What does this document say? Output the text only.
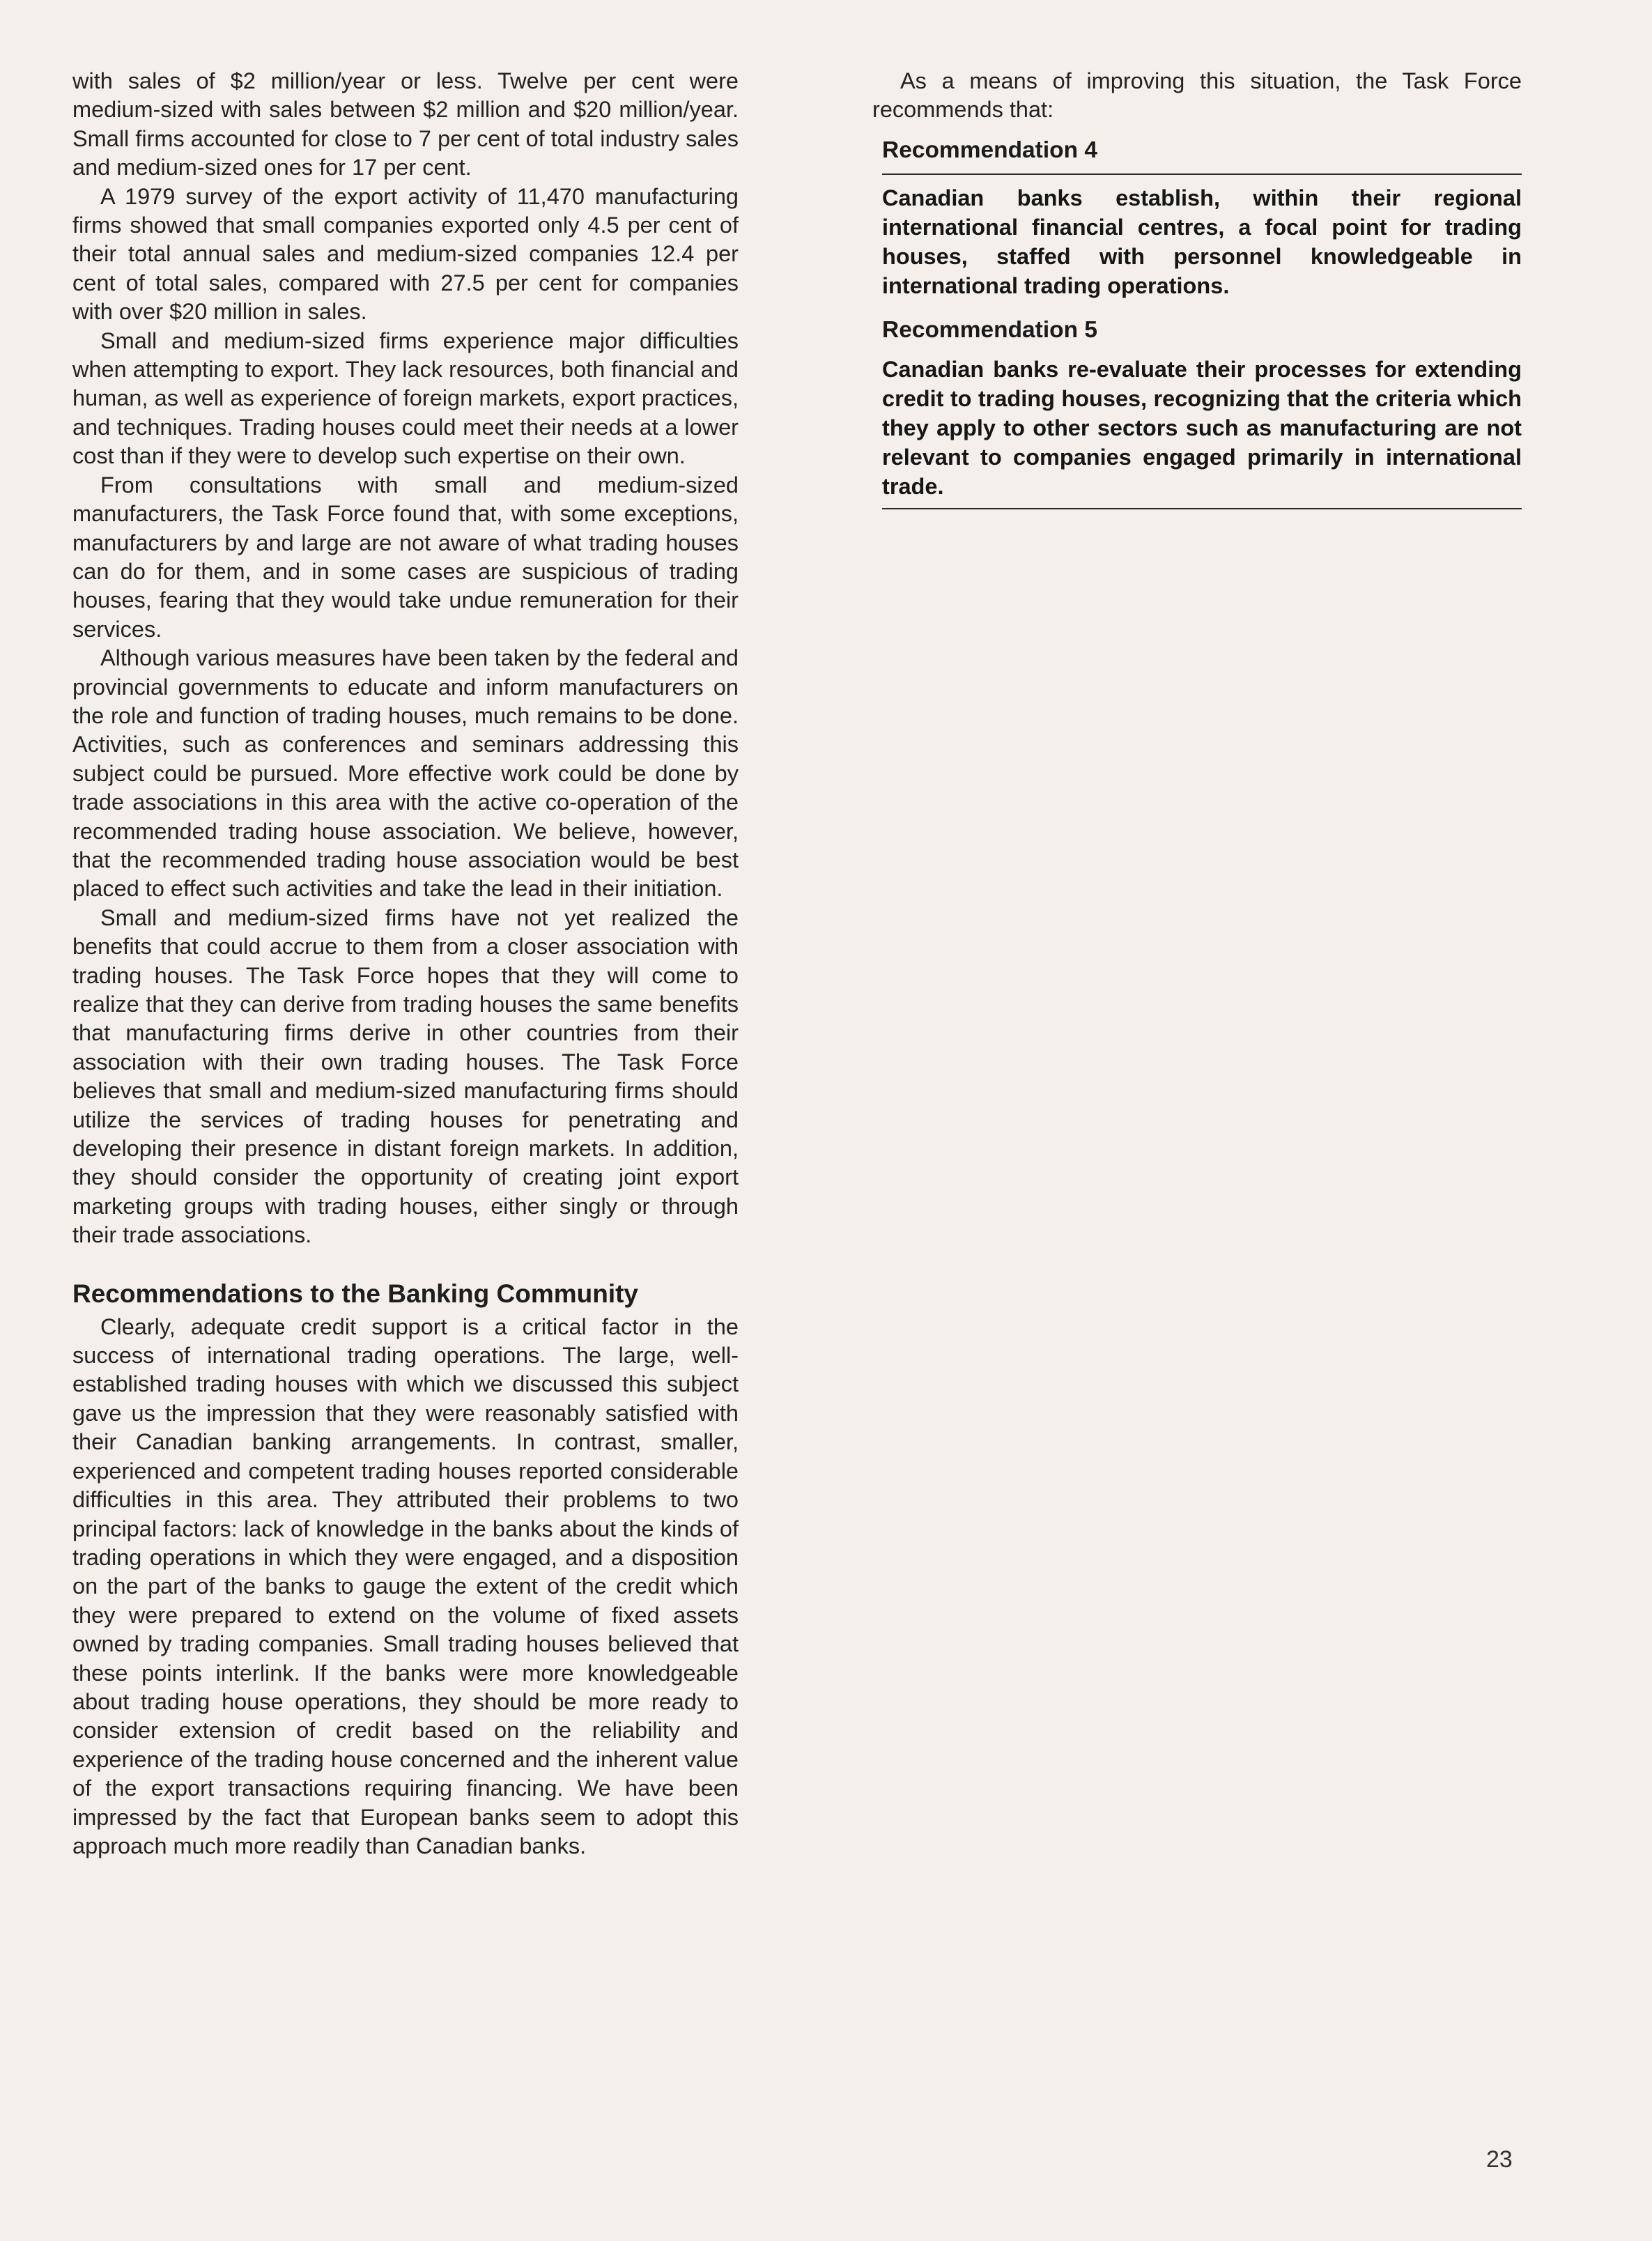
with sales of $2 million/year or less. Twelve per cent were medium-sized with sales between $2 million and $20 million/year. Small firms accounted for close to 7 per cent of total industry sales and medium-sized ones for 17 per cent.

A 1979 survey of the export activity of 11,470 manufacturing firms showed that small companies exported only 4.5 per cent of their total annual sales and medium-sized companies 12.4 per cent of total sales, compared with 27.5 per cent for companies with over $20 million in sales.

Small and medium-sized firms experience major difficulties when attempting to export. They lack resources, both financial and human, as well as experience of foreign markets, export practices, and techniques. Trading houses could meet their needs at a lower cost than if they were to develop such expertise on their own.

From consultations with small and medium-sized manufacturers, the Task Force found that, with some exceptions, manufacturers by and large are not aware of what trading houses can do for them, and in some cases are suspicious of trading houses, fearing that they would take undue remuneration for their services.

Although various measures have been taken by the federal and provincial governments to educate and inform manufacturers on the role and function of trading houses, much remains to be done. Activities, such as conferences and seminars addressing this subject could be pursued. More effective work could be done by trade associations in this area with the active co-operation of the recommended trading house association. We believe, however, that the recommended trading house association would be best placed to effect such activities and take the lead in their initiation.

Small and medium-sized firms have not yet realized the benefits that could accrue to them from a closer association with trading houses. The Task Force hopes that they will come to realize that they can derive from trading houses the same benefits that manufacturing firms derive in other countries from their association with their own trading houses. The Task Force believes that small and medium-sized manufacturing firms should utilize the services of trading houses for penetrating and developing their presence in distant foreign markets. In addition, they should consider the opportunity of creating joint export marketing groups with trading houses, either singly or through their trade associations.

Recommendations to the Banking Community

Clearly, adequate credit support is a critical factor in the success of international trading operations. The large, well-established trading houses with which we discussed this subject gave us the impression that they were reasonably satisfied with their Canadian banking arrangements. In contrast, smaller, experienced and competent trading houses reported considerable difficulties in this area. They attributed their problems to two principal factors: lack of knowledge in the banks about the kinds of trading operations in which they were engaged, and a disposition on the part of the banks to gauge the extent of the credit which they were prepared to extend on the volume of fixed assets owned by trading companies. Small trading houses believed that these points interlink. If the banks were more knowledgeable about trading house operations, they should be more ready to consider extension of credit based on the reliability and experience of the trading house concerned and the inherent value of the export transactions requiring financing. We have been impressed by the fact that European banks seem to adopt this approach much more readily than Canadian banks.

As a means of improving this situation, the Task Force recommends that:

Recommendation 4
Canadian banks establish, within their regional international financial centres, a focal point for trading houses, staffed with personnel knowledgeable in international trading operations.
Recommendation 5
Canadian banks re-evaluate their processes for extending credit to trading houses, recognizing that the criteria which they apply to other sectors such as manufacturing are not relevant to companies engaged primarily in international trade.
23
